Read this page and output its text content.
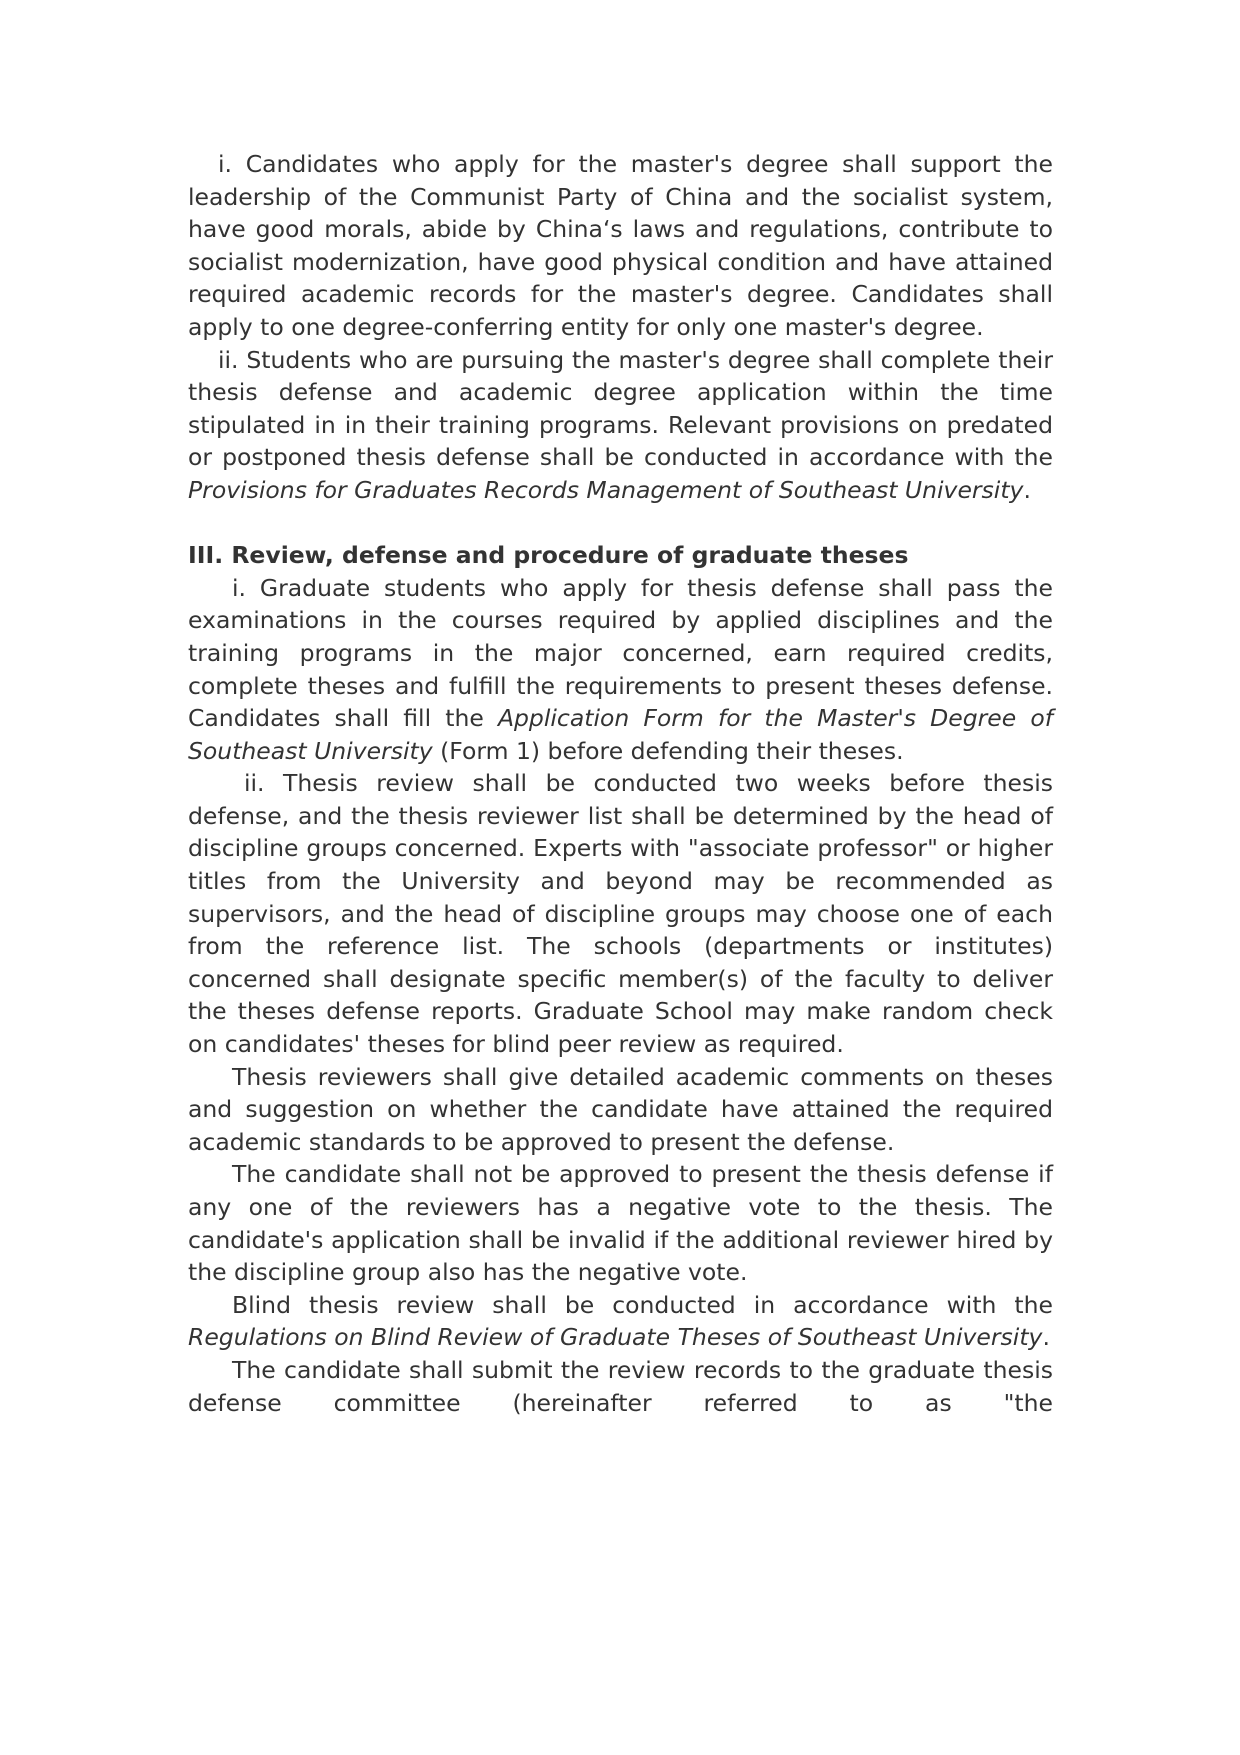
i. Candidates who apply for the master's degree shall support the leadership of the Communist Party of China and the socialist system, have good morals, abide by China‘s laws and regulations, contribute to socialist modernization, have good physical condition and have attained required academic records for the master's degree. Candidates shall apply to one degree-conferring entity for only one master's degree.

ii. Students who are pursuing the master's degree shall complete their thesis defense and academic degree application within the time stipulated in in their training programs. Relevant provisions on predated or postponed thesis defense shall be conducted in accordance with the Provisions for Graduates Records Management of Southeast University.

III. Review, defense and procedure of graduate theses

i. Graduate students who apply for thesis defense shall pass the examinations in the courses required by applied disciplines and the training programs in the major concerned, earn required credits, complete theses and fulfill the requirements to present theses defense. Candidates shall fill the Application Form for the Master's Degree of Southeast University (Form 1) before defending their theses.

ii. Thesis review shall be conducted two weeks before thesis defense, and the thesis reviewer list shall be determined by the head of discipline groups concerned. Experts with "associate professor" or higher titles from the University and beyond may be recommended as supervisors, and the head of discipline groups may choose one of each from the reference list. The schools (departments or institutes) concerned shall designate specific member(s) of the faculty to deliver the theses defense reports. Graduate School may make random check on candidates' theses for blind peer review as required.

Thesis reviewers shall give detailed academic comments on theses and suggestion on whether the candidate have attained the required academic standards to be approved to present the defense.

The candidate shall not be approved to present the thesis defense if any one of the reviewers has a negative vote to the thesis. The candidate's application shall be invalid if the additional reviewer hired by the discipline group also has the negative vote.

Blind thesis review shall be conducted in accordance with the Regulations on Blind Review of Graduate Theses of Southeast University.

The candidate shall submit the review records to the graduate thesis defense committee (hereinafter referred to as "the
